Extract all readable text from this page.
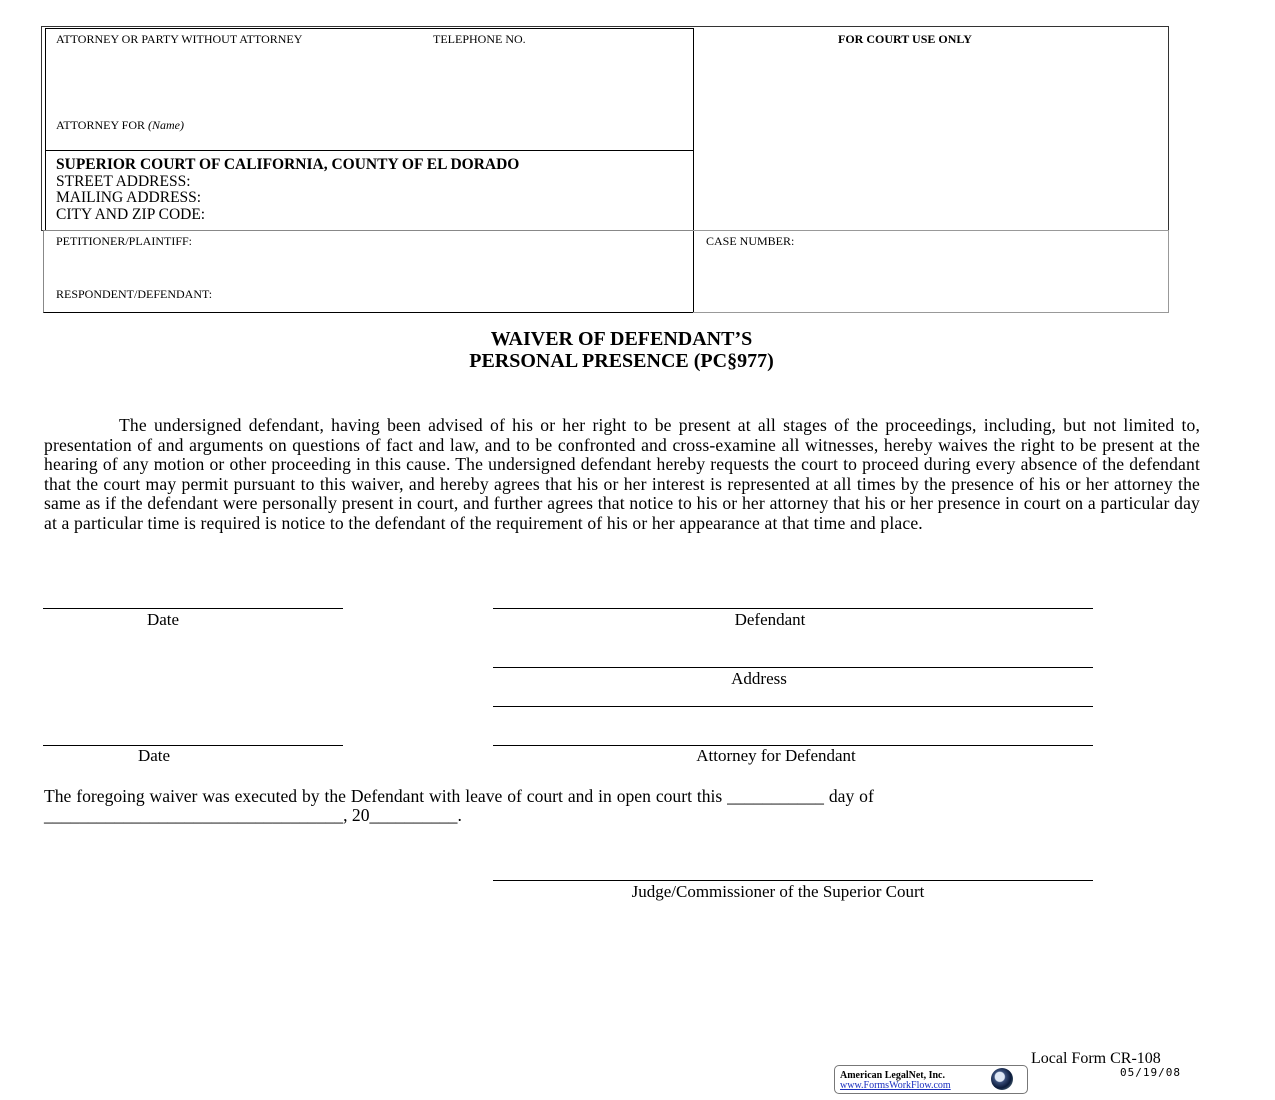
ATTORNEY OR PARTY WITHOUT ATTORNEY	TELEPHONE NO.
ATTORNEY FOR (Name)
FOR COURT USE ONLY
SUPERIOR COURT OF CALIFORNIA, COUNTY OF EL DORADO
STREET ADDRESS:
MAILING ADDRESS:
CITY AND ZIP CODE:
PETITIONER/PLAINTIFF:
RESPONDENT/DEFENDANT:
CASE NUMBER:
WAIVER OF DEFENDANT’S
PERSONAL PRESENCE (PC§977)
The undersigned defendant, having been advised of his or her right to be present at all stages of the proceedings, including, but not limited to, presentation of and arguments on questions of fact and law, and to be confronted and cross-examine all witnesses, hereby waives the right to be present at the hearing of any motion or other proceeding in this cause. The undersigned defendant hereby requests the court to proceed during every absence of the defendant that the court may permit pursuant to this waiver, and hereby agrees that his or her interest is represented at all times by the presence of his or her attorney the same as if the defendant were personally present in court, and further agrees that notice to his or her attorney that his or her presence in court on a particular day at a particular time is required is notice to the defendant of the requirement of his or her appearance at that time and place.
Date	Defendant
Address
Date	Attorney for Defendant
The foregoing waiver was executed by the Defendant with leave of court and in open court this ___________ day of
__________________________________, 20__________.
Judge/Commissioner of the Superior Court
Local Form CR-108
05/19/08
American LegalNet, Inc.
www.FormsWorkFlow.com
